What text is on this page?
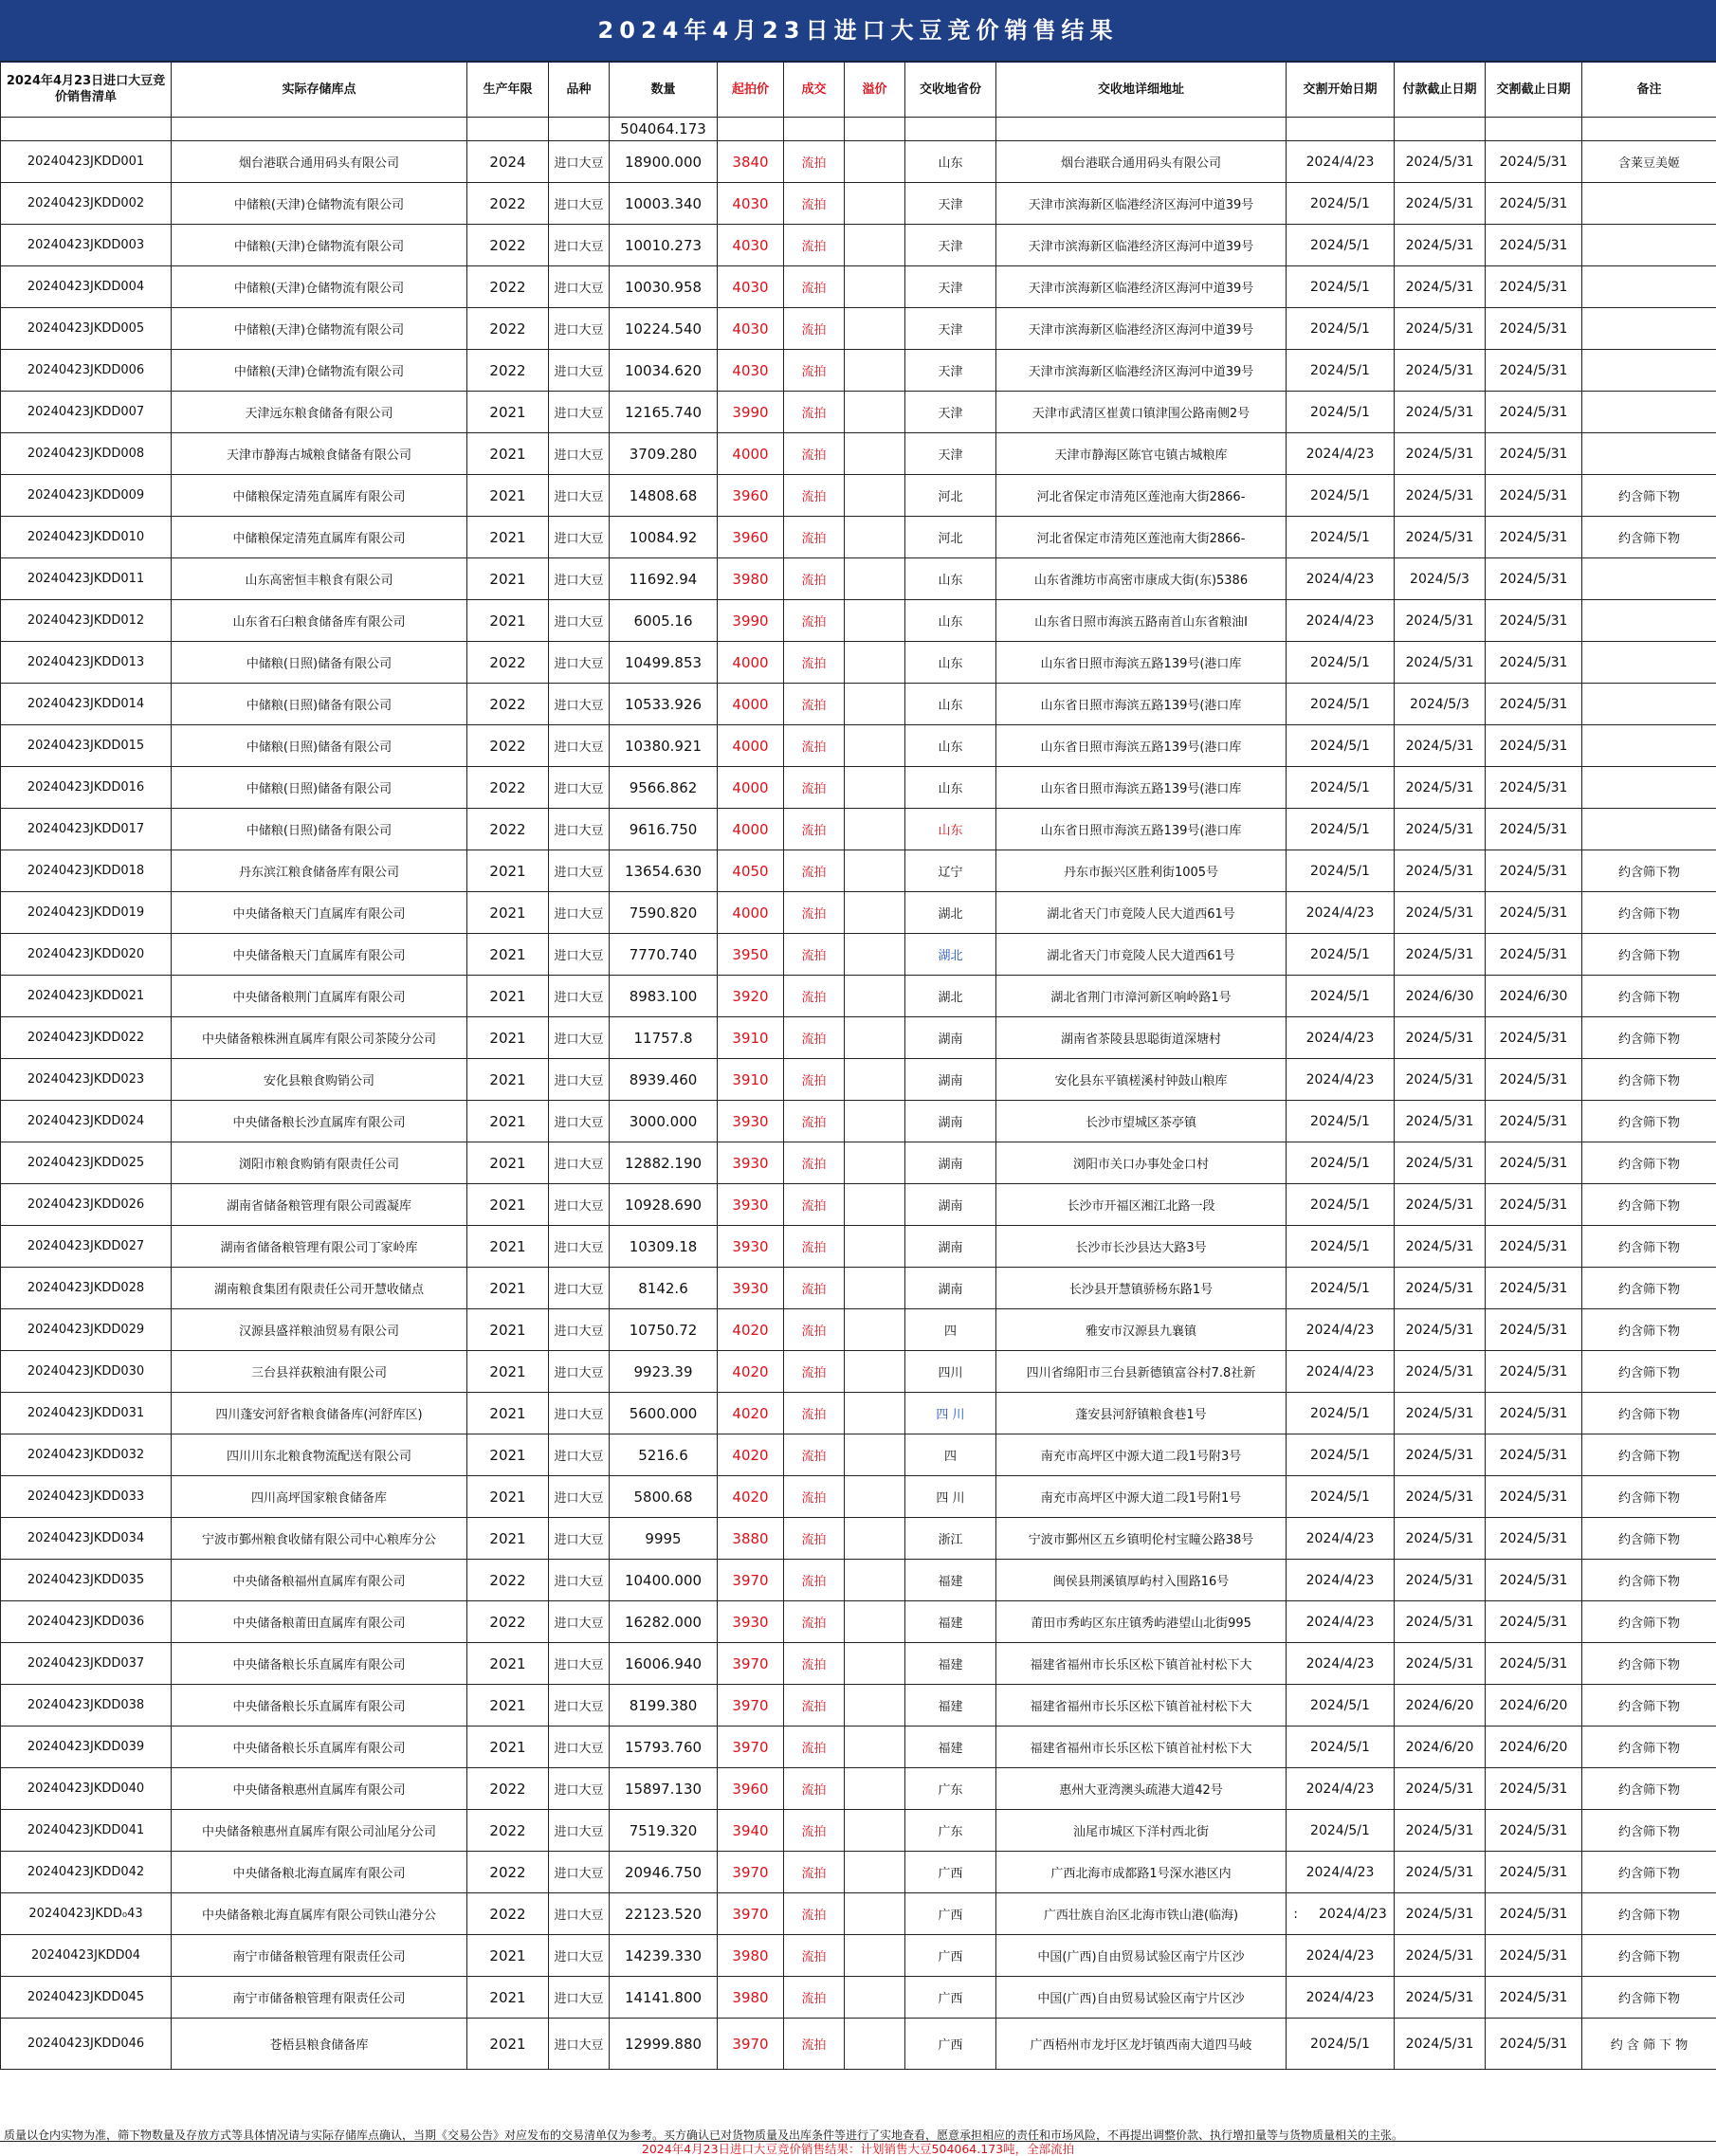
2024年4月23日进口大豆竞价销售结果
2024年4月23日进口大豆竞价销售清单	实际存储库点	生产年限	品种	数量	起拍价	成交	溢价	交收地省份	交收地详细地址	交割开始日期	付款截止日期	交割截止日期	备注
				504064.173									
20240423JKDD001	烟台港联合通用码头有限公司	2024	进口大豆	18900.000	3840	流拍		山东	烟台港联合通用码头有限公司	2024/4/23	2024/5/31	2024/5/31	含莱豆美姬
20240423JKDD002	中储粮(天津)仓储物流有限公司	2022	进口大豆	10003.340	4030	流拍		天津	天津市滨海新区临港经济区海河中道39号	2024/5/1	2024/5/31	2024/5/31	
20240423JKDD003	中储粮(天津)仓储物流有限公司	2022	进口大豆	10010.273	4030	流拍		天津	天津市滨海新区临港经济区海河中道39号	2024/5/1	2024/5/31	2024/5/31	
20240423JKDD004	中储粮(天津)仓储物流有限公司	2022	进口大豆	10030.958	4030	流拍		天津	天津市滨海新区临港经济区海河中道39号	2024/5/1	2024/5/31	2024/5/31	
20240423JKDD005	中储粮(天津)仓储物流有限公司	2022	进口大豆	10224.540	4030	流拍		天津	天津市滨海新区临港经济区海河中道39号	2024/5/1	2024/5/31	2024/5/31	
20240423JKDD006	中储粮(天津)仓储物流有限公司	2022	进口大豆	10034.620	4030	流拍		天津	天津市滨海新区临港经济区海河中道39号	2024/5/1	2024/5/31	2024/5/31	
20240423JKDD007	天津远东粮食储备有限公司	2021	进口大豆	12165.740	3990	流拍		天津	天津市武清区崔黄口镇津围公路南侧2号	2024/5/1	2024/5/31	2024/5/31	
20240423JKDD008	天津市静海古城粮食储备有限公司	2021	进口大豆	3709.280	4000	流拍		天津	天津市静海区陈官屯镇古城粮库	2024/4/23	2024/5/31	2024/5/31	
20240423JKDD009	中储粮保定清苑直属库有限公司	2021	进口大豆	14808.68	3960	流拍		河北	河北省保定市清苑区莲池南大街2866-	2024/5/1	2024/5/31	2024/5/31	约含筛下物
20240423JKDD010	中储粮保定清苑直属库有限公司	2021	进口大豆	10084.92	3960	流拍		河北	河北省保定市清苑区莲池南大街2866-	2024/5/1	2024/5/31	2024/5/31	约含筛下物
20240423JKDD011	山东高密恒丰粮食有限公司	2021	进口大豆	11692.94	3980	流拍		山东	山东省潍坊市高密市康成大街(东)5386	2024/4/23	2024/5/3	2024/5/31	
20240423JKDD012	山东省石臼粮食储备库有限公司	2021	进口大豆	6005.16	3990	流拍		山东	山东省日照市海滨五路南首山东省粮油I	2024/4/23	2024/5/31	2024/5/31	
20240423JKDD013	中储粮(日照)储备有限公司	2022	进口大豆	10499.853	4000	流拍		山东	山东省日照市海滨五路139号(港口库	2024/5/1	2024/5/31	2024/5/31	
20240423JKDD014	中储粮(日照)储备有限公司	2022	进口大豆	10533.926	4000	流拍		山东	山东省日照市海滨五路139号(港口库	2024/5/1	2024/5/3	2024/5/31	
20240423JKDD015	中储粮(日照)储备有限公司	2022	进口大豆	10380.921	4000	流拍		山东	山东省日照市海滨五路139号(港口库	2024/5/1	2024/5/31	2024/5/31	
20240423JKDD016	中储粮(日照)储备有限公司	2022	进口大豆	9566.862	4000	流拍		山东	山东省日照市海滨五路139号(港口库	2024/5/1	2024/5/31	2024/5/31	
20240423JKDD017	中储粮(日照)储备有限公司	2022	进口大豆	9616.750	4000	流拍		山东	山东省日照市海滨五路139号(港口库	2024/5/1	2024/5/31	2024/5/31	
20240423JKDD018	丹东滨江粮食储备库有限公司	2021	进口大豆	13654.630	4050	流拍		辽宁	丹东市振兴区胜利街1005号	2024/5/1	2024/5/31	2024/5/31	约含筛下物
20240423JKDD019	中央储备粮天门直属库有限公司	2021	进口大豆	7590.820	4000	流拍		湖北	湖北省天门市竟陵人民大道西61号	2024/4/23	2024/5/31	2024/5/31	约含筛下物
20240423JKDD020	中央储备粮天门直属库有限公司	2021	进口大豆	7770.740	3950	流拍		湖北	湖北省天门市竟陵人民大道西61号	2024/5/1	2024/5/31	2024/5/31	约含筛下物
20240423JKDD021	中央储备粮荆门直属库有限公司	2021	进口大豆	8983.100	3920	流拍		湖北	湖北省荆门市漳河新区响岭路1号	2024/5/1	2024/6/30	2024/6/30	约含筛下物
20240423JKDD022	中央储备粮株洲直属库有限公司茶陵分公司	2021	进口大豆	11757.8	3910	流拍		湖南	湖南省茶陵县思聪街道深塘村	2024/4/23	2024/5/31	2024/5/31	约含筛下物
20240423JKDD023	安化县粮食购销公司	2021	进口大豆	8939.460	3910	流拍		湖南	安化县东平镇槎溪村钟鼓山粮库	2024/4/23	2024/5/31	2024/5/31	约含筛下物
20240423JKDD024	中央储备粮长沙直属库有限公司	2021	进口大豆	3000.000	3930	流拍		湖南	长沙市望城区茶亭镇	2024/5/1	2024/5/31	2024/5/31	约含筛下物
20240423JKDD025	浏阳市粮食购销有限责任公司	2021	进口大豆	12882.190	3930	流拍		湖南	浏阳市关口办事处金口村	2024/5/1	2024/5/31	2024/5/31	约含筛下物
20240423JKDD026	湖南省储备粮管理有限公司霞凝库	2021	进口大豆	10928.690	3930	流拍		湖南	长沙市开福区湘江北路一段	2024/5/1	2024/5/31	2024/5/31	约含筛下物
20240423JKDD027	湖南省储备粮管理有限公司丁家岭库	2021	进口大豆	10309.18	3930	流拍		湖南	长沙市长沙县达大路3号	2024/5/1	2024/5/31	2024/5/31	约含筛下物
20240423JKDD028	湖南粮食集团有限责任公司开慧收储点	2021	进口大豆	8142.6	3930	流拍		湖南	长沙县开慧镇骄杨东路1号	2024/5/1	2024/5/31	2024/5/31	约含筛下物
20240423JKDD029	汉源县盛祥粮油贸易有限公司	2021	进口大豆	10750.72	4020	流拍		四	雅安市汉源县九襄镇	2024/4/23	2024/5/31	2024/5/31	约含筛下物
20240423JKDD030	三台县祥荻粮油有限公司	2021	进口大豆	9923.39	4020	流拍		四川	四川省绵阳市三台县新德镇富谷村7.8社新	2024/4/23	2024/5/31	2024/5/31	约含筛下物
20240423JKDD031	四川蓬安河舒省粮食储备库(河舒库区)	2021	进口大豆	5600.000	4020	流拍		四 川	蓬安县河舒镇粮食巷1号	2024/5/1	2024/5/31	2024/5/31	约含筛下物
20240423JKDD032	四川川东北粮食物流配送有限公司	2021	进口大豆	5216.6	4020	流拍		四	南充市高坪区中源大道二段1号附3号	2024/5/1	2024/5/31	2024/5/31	约含筛下物
20240423JKDD033	四川高坪国家粮食储备库	2021	进口大豆	5800.68	4020	流拍		四 川	南充市高坪区中源大道二段1号附1号	2024/5/1	2024/5/31	2024/5/31	约含筛下物
20240423JKDD034	宁波市鄞州粮食收储有限公司中心粮库分公	2021	进口大豆	9995	3880	流拍		浙江	宁波市鄞州区五乡镇明伦村宝瞳公路38号	2024/4/23	2024/5/31	2024/5/31	约含筛下物
20240423JKDD035	中央储备粮福州直属库有限公司	2022	进口大豆	10400.000	3970	流拍		福建	闽侯县荆溪镇厚屿村入围路16号	2024/4/23	2024/5/31	2024/5/31	约含筛下物
20240423JKDD036	中央储备粮莆田直属库有限公司	2022	进口大豆	16282.000	3930	流拍		福建	莆田市秀屿区东庄镇秀屿港望山北街995	2024/4/23	2024/5/31	2024/5/31	约含筛下物
20240423JKDD037	中央储备粮长乐直属库有限公司	2021	进口大豆	16006.940	3970	流拍		福建	福建省福州市长乐区松下镇首祉村松下大	2024/4/23	2024/5/31	2024/5/31	约含筛下物
20240423JKDD038	中央储备粮长乐直属库有限公司	2021	进口大豆	8199.380	3970	流拍		福建	福建省福州市长乐区松下镇首祉村松下大	2024/5/1	2024/6/20	2024/6/20	约含筛下物
20240423JKDD039	中央储备粮长乐直属库有限公司	2021	进口大豆	15793.760	3970	流拍		福建	福建省福州市长乐区松下镇首祉村松下大	2024/5/1	2024/6/20	2024/6/20	约含筛下物
20240423JKDD040	中央储备粮惠州直属库有限公司	2022	进口大豆	15897.130	3960	流拍		广东	惠州大亚湾澳头疏港大道42号	2024/4/23	2024/5/31	2024/5/31	约含筛下物
20240423JKDD041	中央储备粮惠州直属库有限公司汕尾分公司	2022	进口大豆	7519.320	3940	流拍		广东	汕尾市城区下洋村西北街	2024/5/1	2024/5/31	2024/5/31	约含筛下物
20240423JKDD042	中央储备粮北海直属库有限公司	2022	进口大豆	20946.750	3970	流拍		广西	广西北海市成都路1号深水港区内	2024/4/23	2024/5/31	2024/5/31	约含筛下物
20240423JKDD₀43	中央储备粮北海直属库有限公司铁山港分公	2022	进口大豆	22123.520	3970	流拍		广西	广西壮族自治区北海市铁山港(临海)	: 2024/4/23	2024/5/31	2024/5/31	约含筛下物
20240423JKDD04	南宁市储备粮管理有限责任公司	2021	进口大豆	14239.330	3980	流拍		广西	中国(广西)自由贸易试验区南宁片区沙	2024/4/23	2024/5/31	2024/5/31	约含筛下物
20240423JKDD045	南宁市储备粮管理有限责任公司	2021	进口大豆	14141.800	3980	流拍		广西	中国(广西)自由贸易试验区南宁片区沙	2024/4/23	2024/5/31	2024/5/31	约含筛下物
20240423JKDD046	苍梧县粮食储备库	2021	进口大豆	12999.880	3970	流拍		广西	广西梧州市龙圩区龙圩镇西南大道四马岐	2024/5/1	2024/5/31	2024/5/31	约 含 筛 下 物
质量以仓内实物为准，筛下物数量及存放方式等具体情况请与实际存储库点确认，当期《交易公告》对应发布的交易清单仅为参考。买方确认已对货物质量及出库条件等进行了实地查看，愿意承担相应的责任和市场风险，不再提出调整价款、执行增扣量等与货物质量相关的主张。
2024年4月23日进口大豆竞价销售结果：计划销售大豆504064.173吨，全部流拍
